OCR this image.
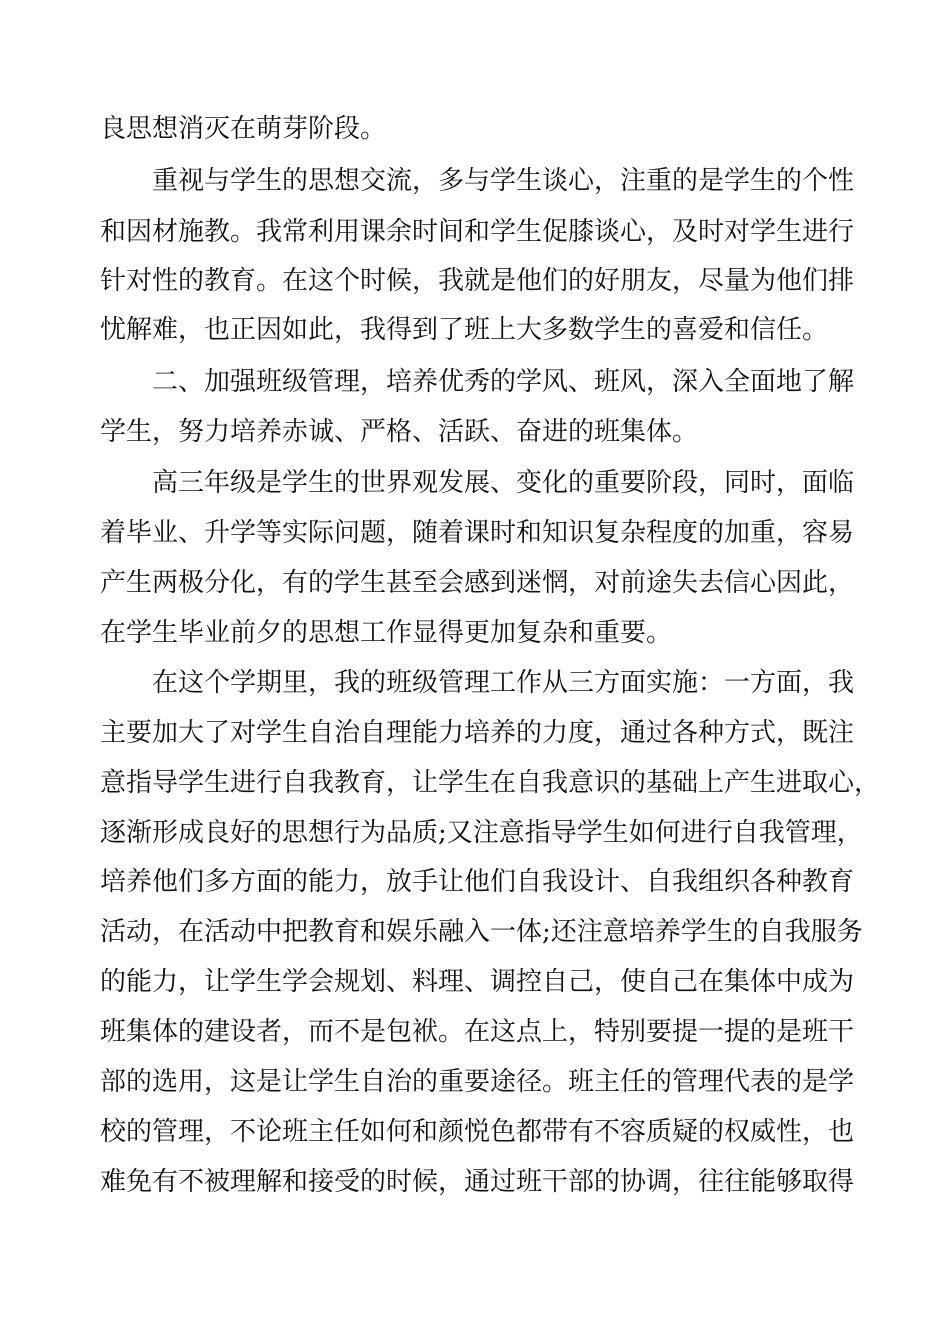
良思想消灭在萌芽阶段。
重视与学生的思想交流，多与学生谈心，注重的是学生的个性
和因材施教。我常利用课余时间和学生促膝谈心，及时对学生进行
针对性的教育。在这个时候，我就是他们的好朋友，尽量为他们排
忧解难，也正因如此，我得到了班上大多数学生的喜爱和信任。
二、加强班级管理，培养优秀的学风、班风，深入全面地了解
学生，努力培养赤诚、严格、活跃、奋进的班集体。
高三年级是学生的世界观发展、变化的重要阶段，同时，面临
着毕业、升学等实际问题，随着课时和知识复杂程度的加重，容易
产生两极分化，有的学生甚至会感到迷惘，对前途失去信心因此，
在学生毕业前夕的思想工作显得更加复杂和重要。
在这个学期里，我的班级管理工作从三方面实施：一方面，我
主要加大了对学生自治自理能力培养的力度，通过各种方式，既注
意指导学生进行自我教育，让学生在自我意识的基础上产生进取心，
逐渐形成良好的思想行为品质;又注意指导学生如何进行自我管理，
培养他们多方面的能力，放手让他们自我设计、自我组织各种教育
活动，在活动中把教育和娱乐融入一体;还注意培养学生的自我服务
的能力，让学生学会规划、料理、调控自己，使自己在集体中成为
班集体的建设者，而不是包袱。在这点上，特别要提一提的是班干
部的选用，这是让学生自治的重要途径。班主任的管理代表的是学
校的管理，不论班主任如何和颜悦色都带有不容质疑的权威性，也
难免有不被理解和接受的时候，通过班干部的协调，往往能够取得
